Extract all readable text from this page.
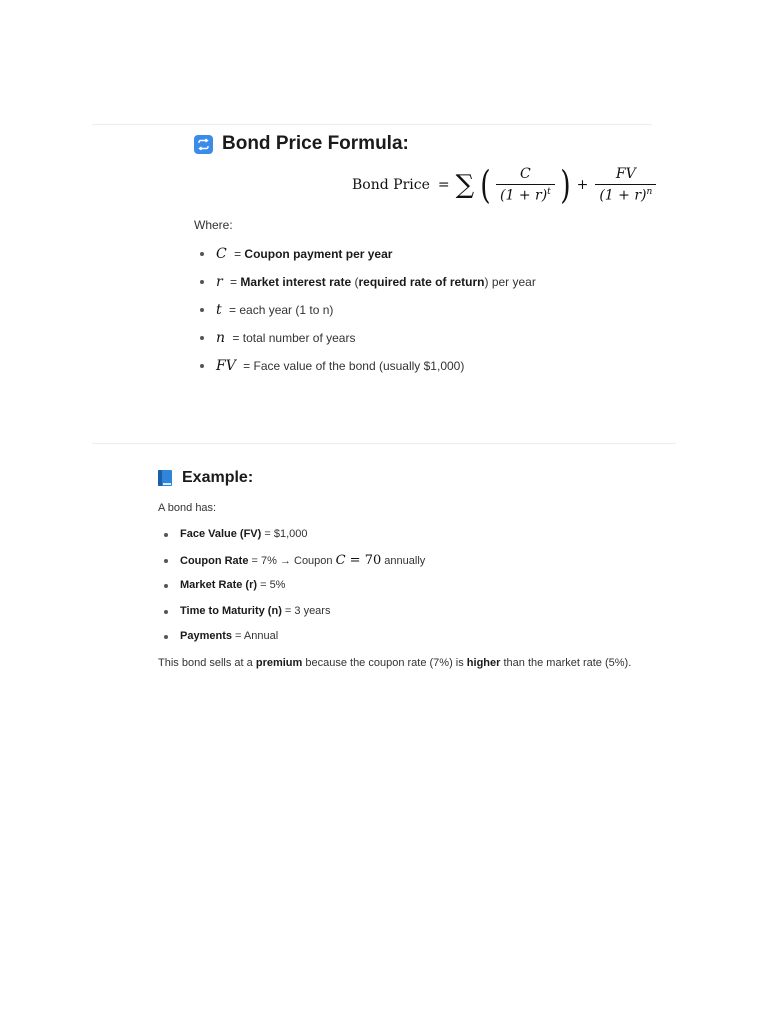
Bond Price Formula:
Bond Price = ∑ ( $\frac{C}{(1 + r)^t}$ ) + $\frac{FV}{(1 + r)^n}$
Where:
C = Coupon payment per year
r = Market interest rate (required rate of return) per year
t = each year (1 to n)
n = total number of years
FV = Face value of the bond (usually $1,000)
Example:
A bond has:
Face Value (FV) = $1,000
Coupon Rate = 7% → Coupon C = 70 annually
Market Rate (r) = 5%
Time to Maturity (n) = 3 years
Payments = Annual
This bond sells at a premium because the coupon rate (7%) is higher than the market rate (5%).
